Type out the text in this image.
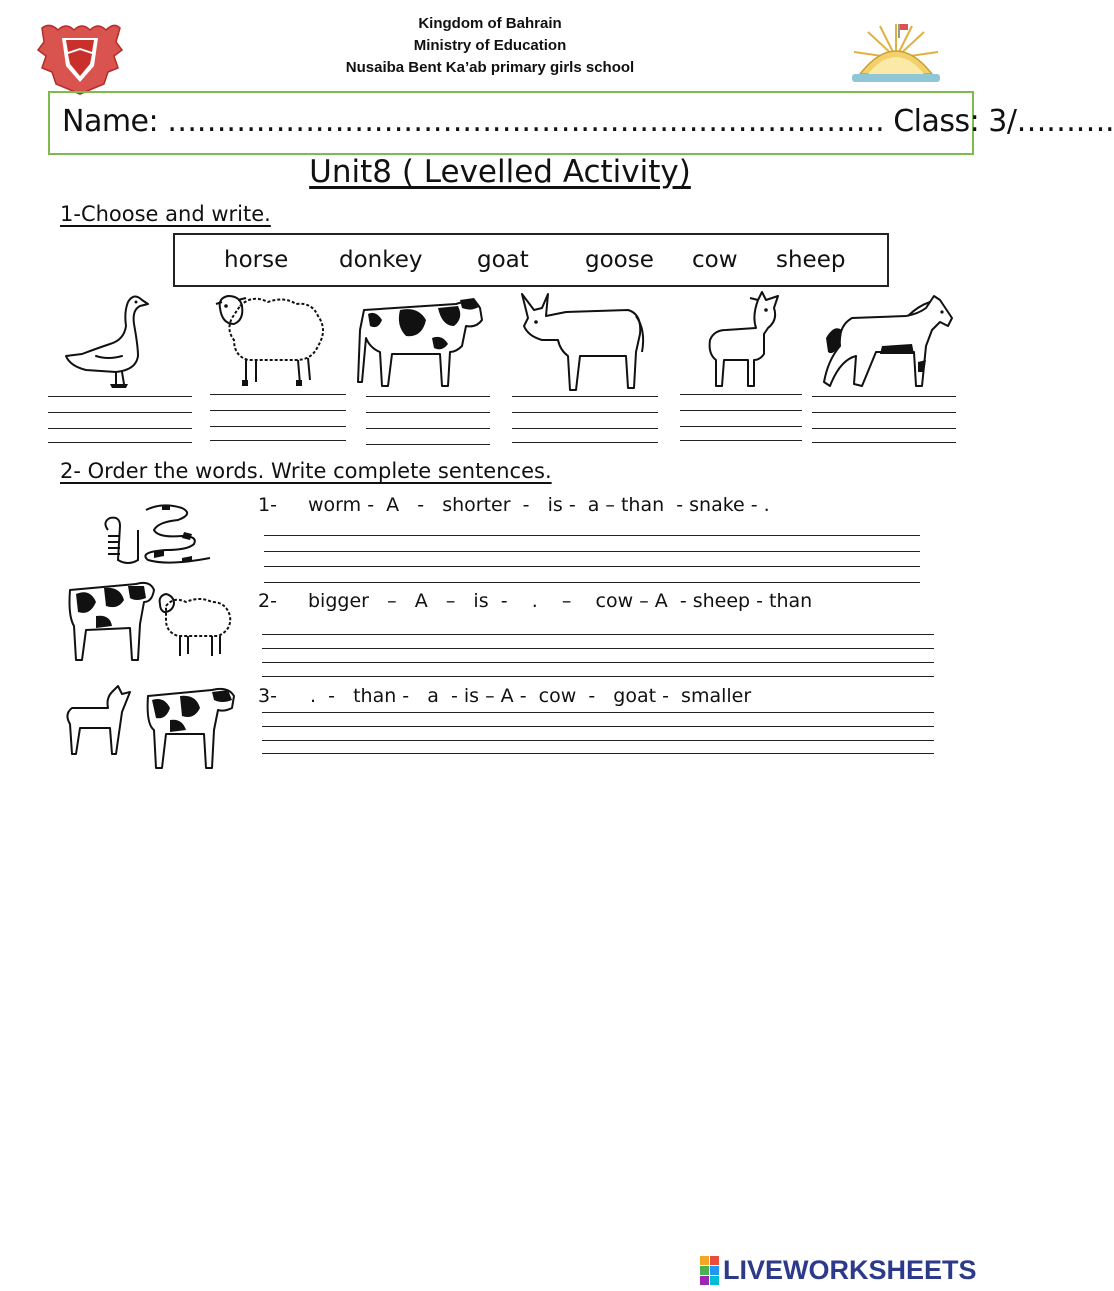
Kingdom of Bahrain
Ministry of Education
Nusaiba Bent Ka’ab primary girls school
Name: ………………………………………………………………. Class: 3/……….
Unit8 ( Levelled Activity)
1-Choose and write.
horse donkey goat goose cow sheep
2- Order the words. Write complete sentences.
1- worm -  A   -   shorter  -   is -  a – than  - snake - .
2- bigger   –   A   –   is  -    .    –    cow – A  - sheep - than
3- .  -   than -   a  - is – A -  cow  -   goat -  smaller
LIVEWORKSHEETS
